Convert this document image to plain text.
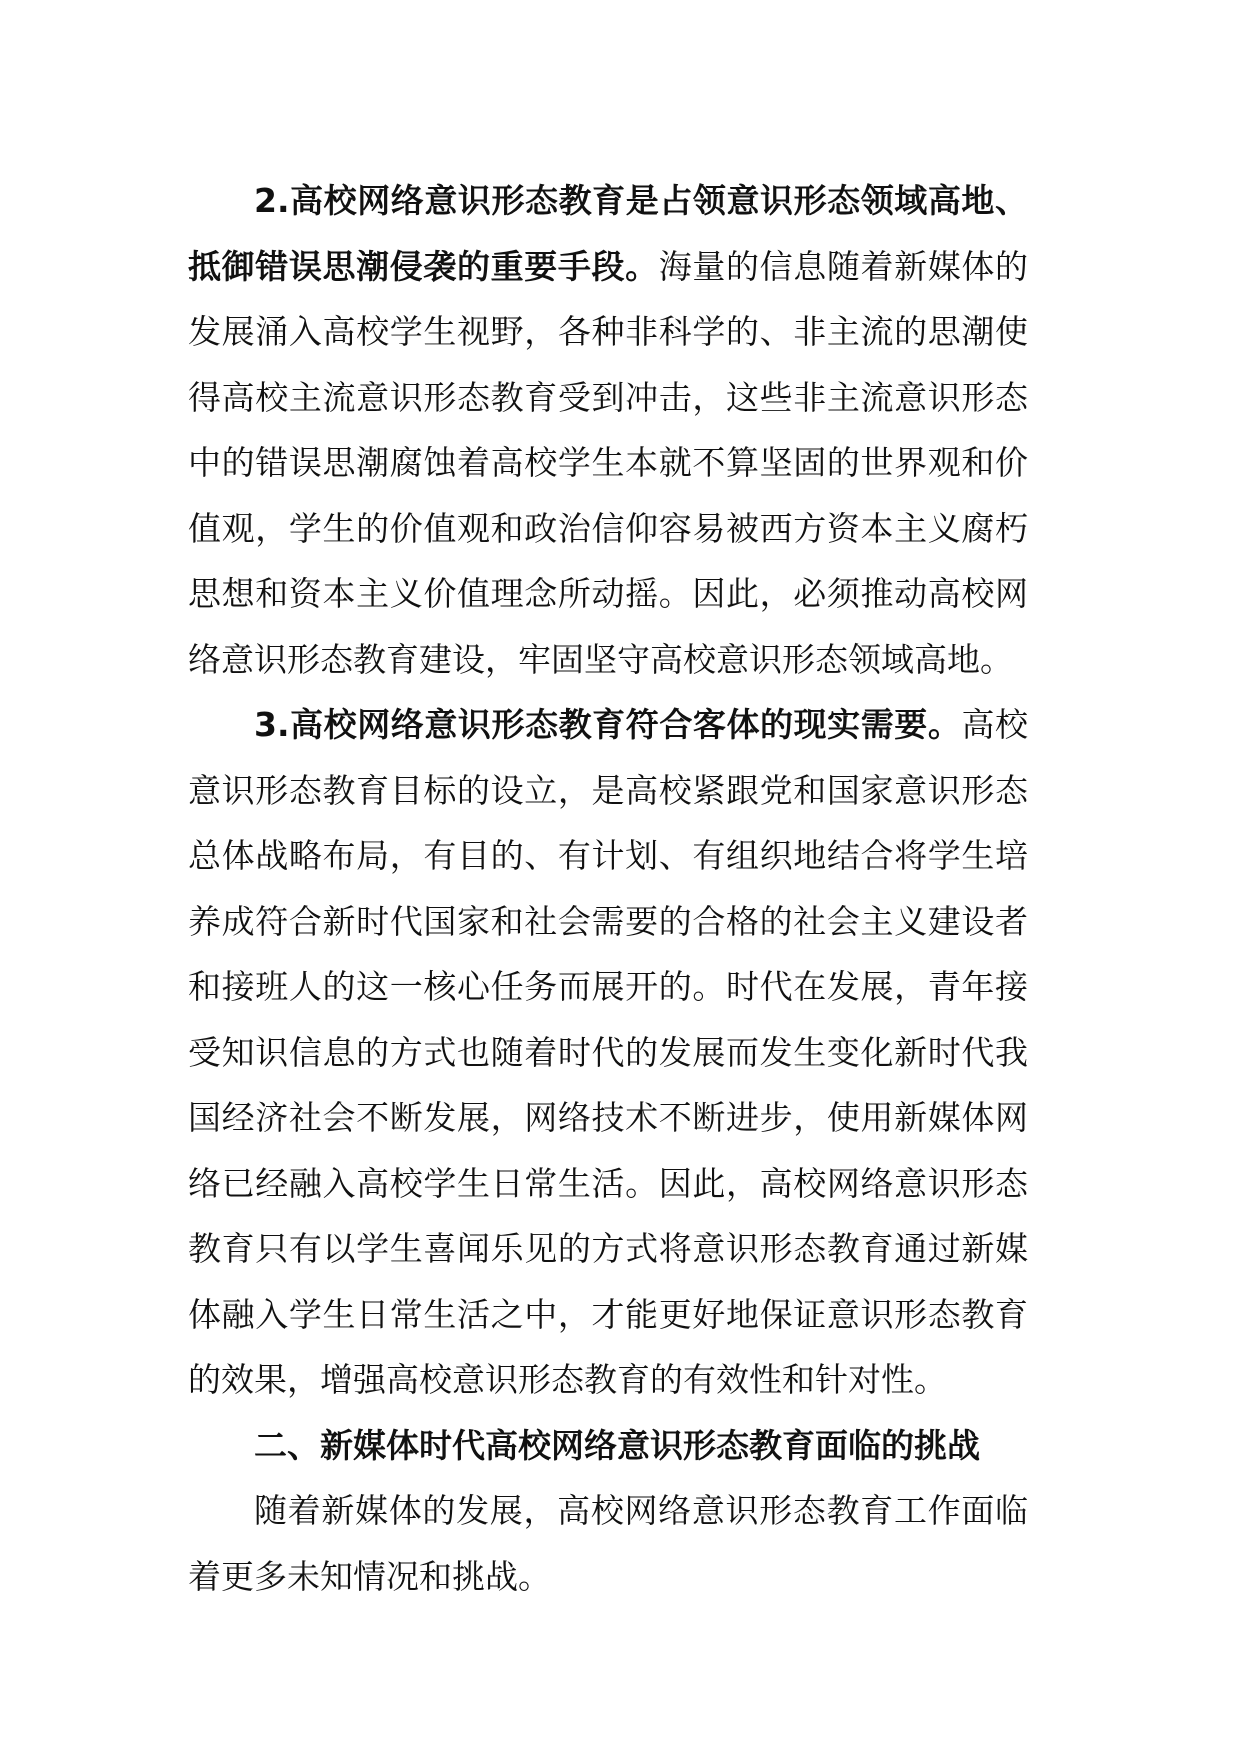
2.高校网络意识形态教育是占领意识形态领域高地、抵御错误思潮侵袭的重要手段。海量的信息随着新媒体的发展涌入高校学生视野，各种非科学的、非主流的思潮使得高校主流意识形态教育受到冲击，这些非主流意识形态中的错误思潮腐蚀着高校学生本就不算坚固的世界观和价值观，学生的价值观和政治信仰容易被西方资本主义腐朽思想和资本主义价值理念所动摇。因此，必须推动高校网络意识形态教育建设，牢固坚守高校意识形态领域高地。

3.高校网络意识形态教育符合客体的现实需要。高校意识形态教育目标的设立，是高校紧跟党和国家意识形态总体战略布局，有目的、有计划、有组织地结合将学生培养成符合新时代国家和社会需要的合格的社会主义建设者和接班人的这一核心任务而展开的。时代在发展，青年接受知识信息的方式也随着时代的发展而发生变化新时代我国经济社会不断发展，网络技术不断进步，使用新媒体网络已经融入高校学生日常生活。因此，高校网络意识形态教育只有以学生喜闻乐见的方式将意识形态教育通过新媒体融入学生日常生活之中，才能更好地保证意识形态教育的效果，增强高校意识形态教育的有效性和针对性。

二、新媒体时代高校网络意识形态教育面临的挑战

随着新媒体的发展，高校网络意识形态教育工作面临着更多未知情况和挑战。
